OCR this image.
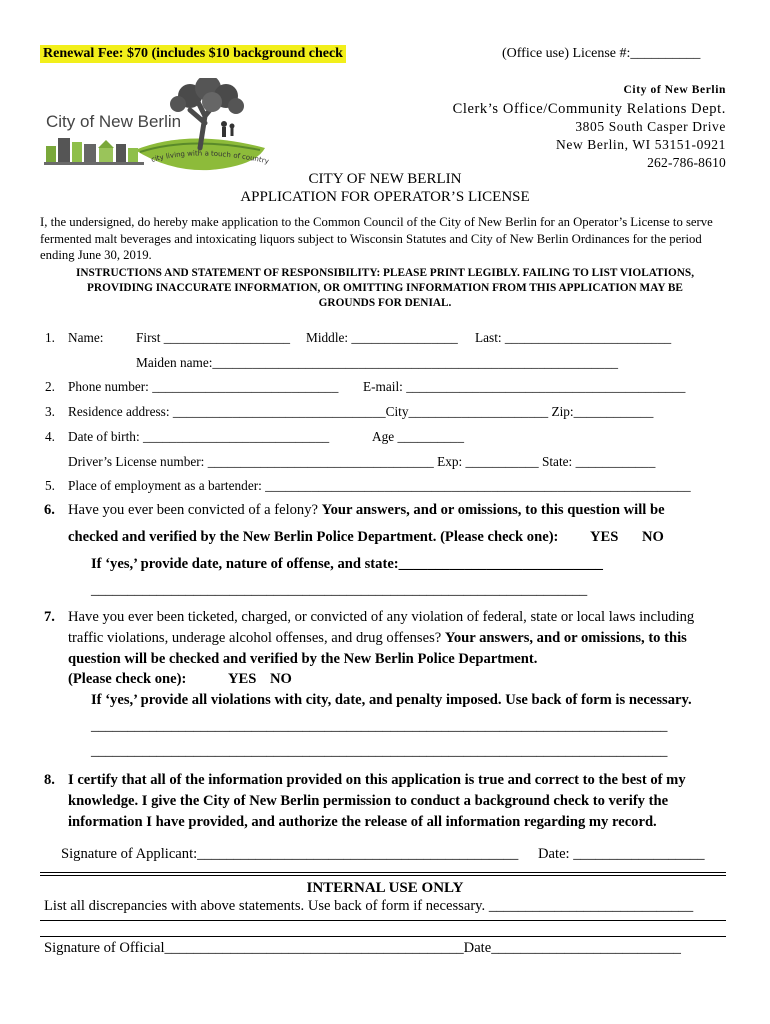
Renewal Fee: $70 (includes $10 background check	(Office use) License #:__________
city living with a touch of country
City of New Berlin
City of New Berlin
Clerk’s Office/Community Relations Dept.
3805 South Casper Drive
New Berlin, WI 53151-0921
262-786-8610
CITY OF NEW BERLIN
APPLICATION FOR OPERATOR’S LICENSE
I, the undersigned, do hereby make application to the Common Council of the City of New Berlin for an Operator’s License to serve fermented malt beverages and intoxicating liquors subject to Wisconsin Statutes and City of New Berlin Ordinances for the period ending June 30, 2019.
INSTRUCTIONS AND STATEMENT OF RESPONSIBILITY: PLEASE PRINT LEGIBLY. FAILING TO LIST VIOLATIONS, PROVIDING INACCURATE INFORMATION, OR OMITTING INFORMATION FROM THIS APPLICATION MAY BE GROUNDS FOR DENIAL.
1. Name: First ___________________ Middle: ________________ Last: _________________________
Maiden name:_____________________________________________________________
2. Phone number: ____________________________ E-mail: __________________________________________
3. Residence address: ________________________________City_____________________ Zip:____________
4. Date of birth: ____________________________	Age __________
Driver’s License number: __________________________________ Exp: ___________ State: ____________
5. Place of employment as a bartender: ________________________________________________________________
6. Have you ever been convicted of a felony? Your answers, and or omissions, to this question will be
checked and verified by the New Berlin Police Department. (Please check one): YES NO
If ‘yes,’ provide date, nature of offense, and state:____________________________
____________________________________________________________________
7. Have you ever been ticketed, charged, or convicted of any violation of federal, state or local laws including
traffic violations, underage alcohol offenses, and drug offenses? Your answers, and or omissions, to this
question will be checked and verified by the New Berlin Police Department.
(Please check one):	YES NO
If ‘yes,’ provide all violations with city, date, and penalty imposed. Use back of form is necessary.
_______________________________________________________________________________
_______________________________________________________________________________
8. I certify that all of the information provided on this application is true and correct to the best of my
knowledge. I give the City of New Berlin permission to conduct a background check to verify the
information I have provided, and authorize the release of all information regarding my record.
Signature of Applicant:____________________________________________ Date: __________________
INTERNAL USE ONLY
List all discrepancies with above statements. Use back of form if necessary. ____________________________
Signature of Official_________________________________________Date__________________________
